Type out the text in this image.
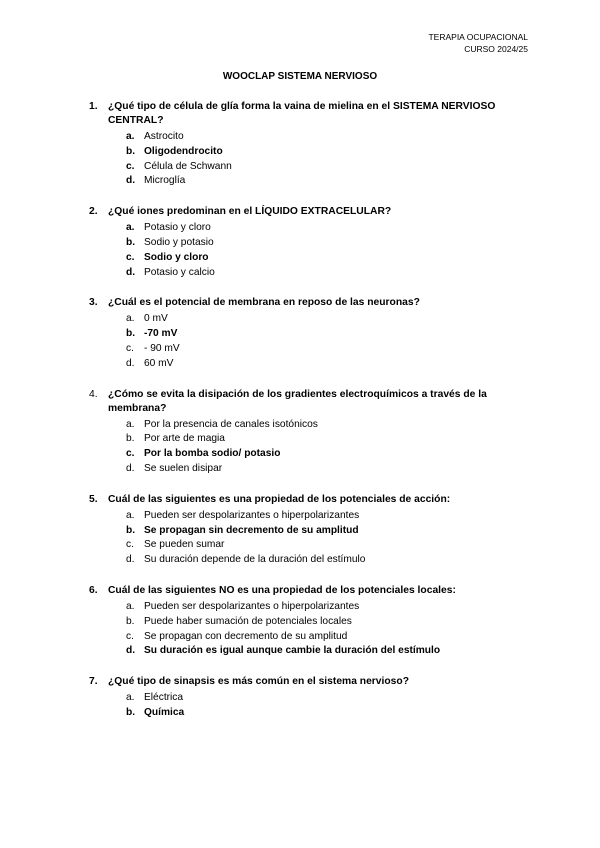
TERAPIA OCUPACIONAL
CURSO 2024/25
WOOCLAP SISTEMA NERVIOSO
1.	¿Qué tipo de célula de glía forma la vaina de mielina en el SISTEMA NERVIOSO CENTRAL?
a. Astrocito
b. Oligodendrocito
c. Célula de Schwann
d. Microglía
2.	¿Qué iones predominan en el LÍQUIDO EXTRACELULAR?
a. Potasio y cloro
b. Sodio y potasio
c. Sodio y cloro
d. Potasio y calcio
3.	¿Cuál es el potencial de membrana en reposo de las neuronas?
a. 0 mV
b. -70 mV
c. - 90 mV
d. 60 mV
4.	¿Cómo se evita la disipación de los gradientes electroquímicos a través de la membrana?
a. Por la presencia de canales isotónicos
b. Por arte de magia
c. Por la bomba sodio/ potasio
d. Se suelen disipar
5.	Cuál de las siguientes es una propiedad de los potenciales de acción:
a. Pueden ser despolarizantes o hiperpolarizantes
b. Se propagan sin decremento de su amplitud
c. Se pueden sumar
d. Su duración depende de la duración del estímulo
6.	Cuál de las siguientes NO es una propiedad de los potenciales locales:
a. Pueden ser despolarizantes o hiperpolarizantes
b. Puede haber sumación de potenciales locales
c. Se propagan con decremento de su amplitud
d. Su duración es igual aunque cambie la duración del estímulo
7.	¿Qué tipo de sinapsis es más común en el sistema nervioso?
a. Eléctrica
b. Química
